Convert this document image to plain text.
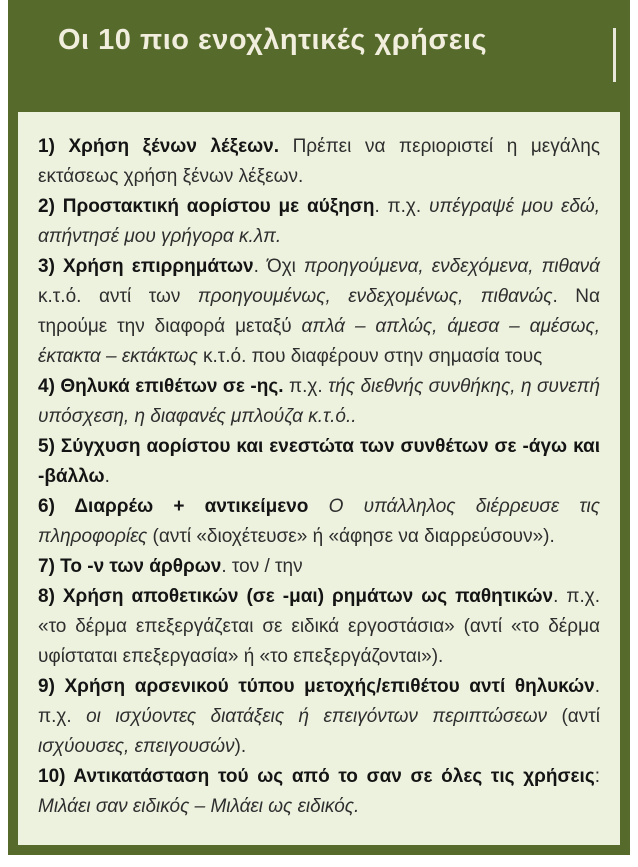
Οι 10 πιο ενοχλητικές χρήσεις

1) Χρήση ξένων λέξεων. Πρέπει να περιοριστεί η μεγάλης εκτάσεως χρήση ξένων λέξεων.

2) Προστακτική αορίστου με αύξηση. π.χ. υπέγραψέ μου εδώ, απήντησέ μου γρήγορα κ.λπ.

3) Χρήση επιρρημάτων. Όχι προηγούμενα, ενδεχόμενα, πιθανά κ.τ.ό. αντί των προηγουμένως, ενδεχομένως, πιθανώς. Να τηρούμε την διαφορά μεταξύ απλά – απλώς, άμεσα – αμέσως, έκτακτα – εκτάκτως κ.τ.ό. που διαφέρουν στην σημασία τους

4) Θηλυκά επιθέτων σε -ης. π.χ. τής διεθνής συνθήκης, η συνεπή υπόσχεση, η διαφανές μπλούζα κ.τ.ό..

5) Σύγχυση αορίστου και ενεστώτα των συνθέτων σε -άγω και -βάλλω.

6) Διαρρέω + αντικείμενο Ο υπάλληλος διέρρευσε τις πληροφορίες (αντί «διοχέτευσε» ή «άφησε να διαρρεύσουν»).

7) Το -ν των άρθρων. τον / την

8) Χρήση αποθετικών (σε -μαι) ρημάτων ως παθητικών. π.χ. «το δέρμα επεξεργάζεται σε ειδικά εργοστάσια» (αντί «το δέρμα υφίσταται επεξεργασία» ή «το επεξεργάζονται»).

9) Χρήση αρσενικού τύπου μετοχής/επιθέτου αντί θηλυκών. π.χ. οι ισχύοντες διατάξεις ή επειγόντων περιπτώσεων (αντί ισχύουσες, επειγουσών).

10) Αντικατάσταση τού ως από το σαν σε όλες τις χρήσεις: Μιλάει σαν ειδικός – Μιλάει ως ειδικός.
